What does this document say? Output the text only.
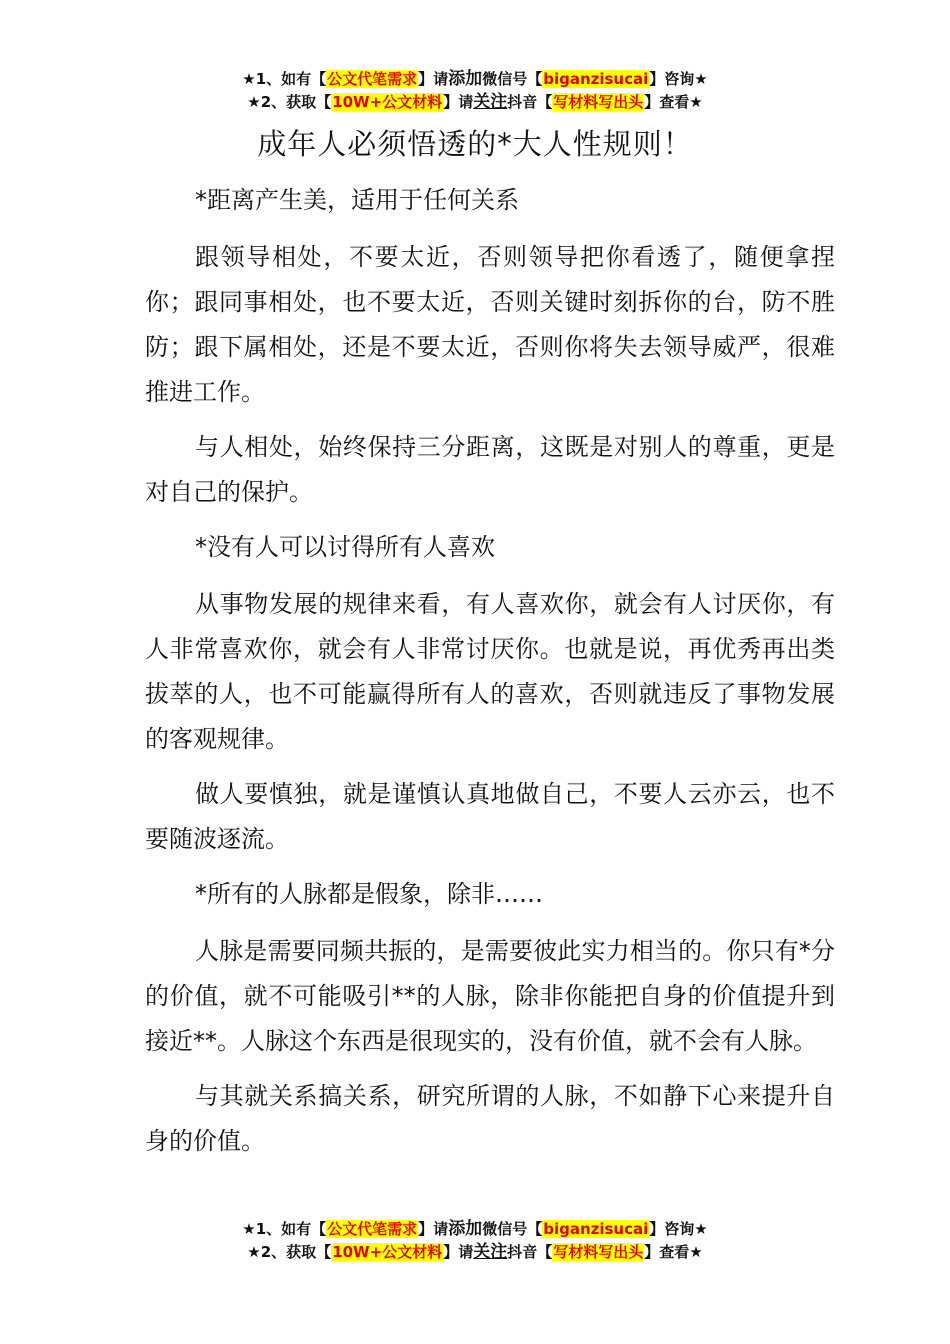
★1、如有【公文代笔需求】请添加微信号【biganzisucai】咨询★
★2、获取【10W+公文材料】请关注抖音【写材料写出头】查看★
成年人必须悟透的*大人性规则！

*距离产生美，适用于任何关系

跟领导相处，不要太近，否则领导把你看透了，随便拿捏你；跟同事相处，也不要太近，否则关键时刻拆你的台，防不胜防；跟下属相处，还是不要太近，否则你将失去领导威严，很难推进工作。

与人相处，始终保持三分距离，这既是对别人的尊重，更是对自己的保护。

*没有人可以讨得所有人喜欢

从事物发展的规律来看，有人喜欢你，就会有人讨厌你，有人非常喜欢你，就会有人非常讨厌你。也就是说，再优秀再出类拔萃的人，也不可能赢得所有人的喜欢，否则就违反了事物发展的客观规律。

做人要慎独，就是谨慎认真地做自己，不要人云亦云，也不要随波逐流。

*所有的人脉都是假象，除非……

人脉是需要同频共振的，是需要彼此实力相当的。你只有*分的价值，就不可能吸引**的人脉，除非你能把自身的价值提升到接近**。人脉这个东西是很现实的，没有价值，就不会有人脉。

与其就关系搞关系，研究所谓的人脉，不如静下心来提升自身的价值。

★1、如有【公文代笔需求】请添加微信号【biganzisucai】咨询★
★2、获取【10W+公文材料】请关注抖音【写材料写出头】查看★
